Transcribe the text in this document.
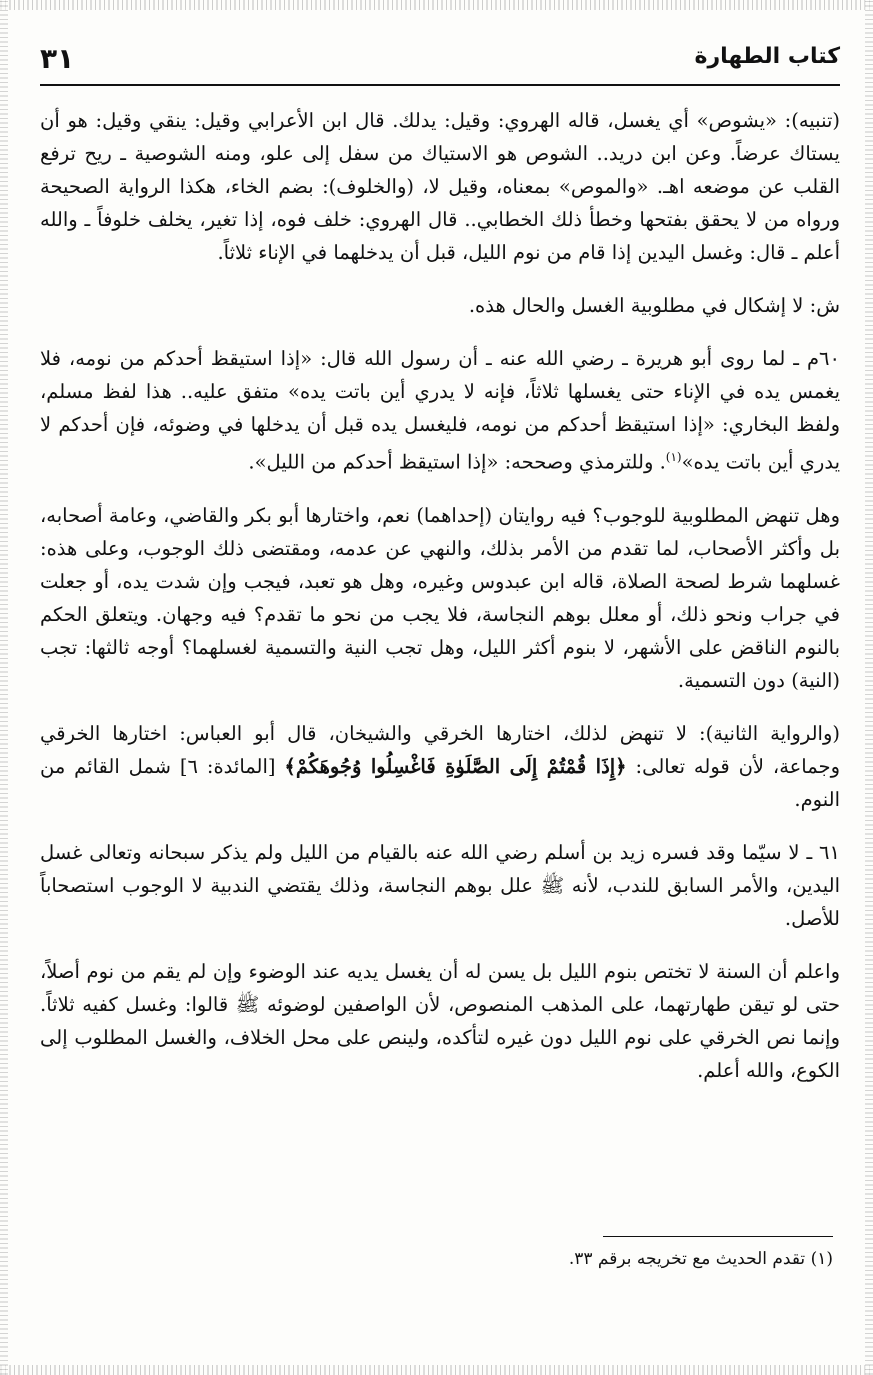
٣١	كتاب الطهارة

(تنبيه): «يشوص» أي يغسل، قاله الهروي: وقيل: يدلك. قال ابن الأعرابي وقيل: ينقي وقيل: هو أن يستاك عرضاً. وعن ابن دريد.. الشوص هو الاستياك من سفل إلى علو، ومنه الشوصية ـ ريح ترفع القلب عن موضعه اهـ. «والموص» بمعناه، وقيل لا، (والخلوف): بضم الخاء، هكذا الرواية الصحيحة ورواه من لا يحقق بفتحها وخطأ ذلك الخطابي.. قال الهروي: خلف فوه، إذا تغير، يخلف خلوفاً ـ والله أعلم ـ قال: وغسل اليدين إذا قام من نوم الليل، قبل أن يدخلهما في الإناء ثلاثاً.

ش: لا إشكال في مطلوبية الغسل والحال هذه.

٦٠م ـ لما روى أبو هريرة ـ رضي الله عنه ـ أن رسول الله قال: «إذا استيقظ أحدكم من نومه، فلا يغمس يده في الإناء حتى يغسلها ثلاثاً، فإنه لا يدري أين باتت يده» متفق عليه.. هذا لفظ مسلم، ولفظ البخاري: «إذا استيقظ أحدكم من نومه، فليغسل يده قبل أن يدخلها في وضوئه، فإن أحدكم لا يدري أين باتت يده»$^{(١)}$. وللترمذي وصححه: «إذا استيقظ أحدكم من الليل».

وهل تنهض المطلوبية للوجوب؟ فيه روايتان (إحداهما) نعم، واختارها أبو بكر والقاضي، وعامة أصحابه، بل وأكثر الأصحاب، لما تقدم من الأمر بذلك، والنهي عن عدمه، ومقتضى ذلك الوجوب، وعلى هذه: غسلهما شرط لصحة الصلاة، قاله ابن عبدوس وغيره، وهل هو تعبد، فيجب وإن شدت يده، أو جعلت في جراب ونحو ذلك، أو معلل بوهم النجاسة، فلا يجب من نحو ما تقدم؟ فيه وجهان. ويتعلق الحكم بالنوم الناقض على الأشهر، لا بنوم أكثر الليل، وهل تجب النية والتسمية لغسلهما؟ أوجه ثالثها: تجب (النية) دون التسمية.

(والرواية الثانية): لا تنهض لذلك، اختارها الخرقي والشيخان، قال أبو العباس: اختارها الخرقي وجماعة، لأن قوله تعالى: ﴿إِذَا قُمْتُمْ إِلَى الصَّلَوٰةِ فَاغْسِلُوا وُجُوهَكُمْ﴾ [المائدة: ٦] شمل القائم من النوم.

٦١ ـ لا سيّما وقد فسره زيد بن أسلم رضي الله عنه بالقيام من الليل ولم يذكر سبحانه وتعالى غسل اليدين، والأمر السابق للندب، لأنه ﷺ علل بوهم النجاسة، وذلك يقتضي الندبية لا الوجوب استصحاباً للأصل.

واعلم أن السنة لا تختص بنوم الليل بل يسن له أن يغسل يديه عند الوضوء وإن لم يقم من نوم أصلاً، حتى لو تيقن طهارتهما، على المذهب المنصوص، لأن الواصفين لوضوئه ﷺ قالوا: وغسل كفيه ثلاثاً. وإنما نص الخرقي على نوم الليل دون غيره لتأكده، ولينص على محل الخلاف، والغسل المطلوب إلى الكوع، والله أعلم.

(١) تقدم الحديث مع تخريجه برقم ٣٣.
